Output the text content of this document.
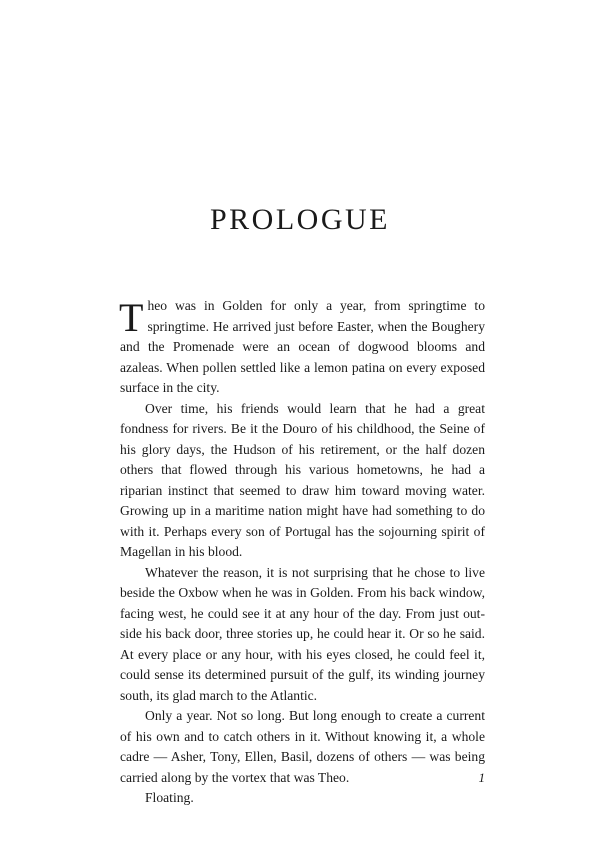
PROLOGUE

Theo was in Golden for only a year, from springtime to springtime. He arrived just before Easter, when the Boughery and the Promenade were an ocean of dogwood blooms and azaleas. When pollen settled like a lemon patina on every exposed surface in the city.

Over time, his friends would learn that he had a great fondness for rivers. Be it the Douro of his childhood, the Seine of his glory days, the Hudson of his retirement, or the half dozen others that flowed through his various hometowns, he had a riparian instinct that seemed to draw him toward moving water. Growing up in a maritime nation might have had something to do with it. Perhaps every son of Portugal has the sojourning spirit of Magellan in his blood.

Whatever the reason, it is not surprising that he chose to live beside the Oxbow when he was in Golden. From his back window, facing west, he could see it at any hour of the day. From just outside his back door, three stories up, he could hear it. Or so he said. At every place or any hour, with his eyes closed, he could feel it, could sense its determined pursuit of the gulf, its winding journey south, its glad march to the Atlantic.

Only a year. Not so long. But long enough to create a current of his own and to catch others in it. Without knowing it, a whole cadre — Asher, Tony, Ellen, Basil, dozens of others — was being carried along by the vortex that was Theo.

Floating.

1
